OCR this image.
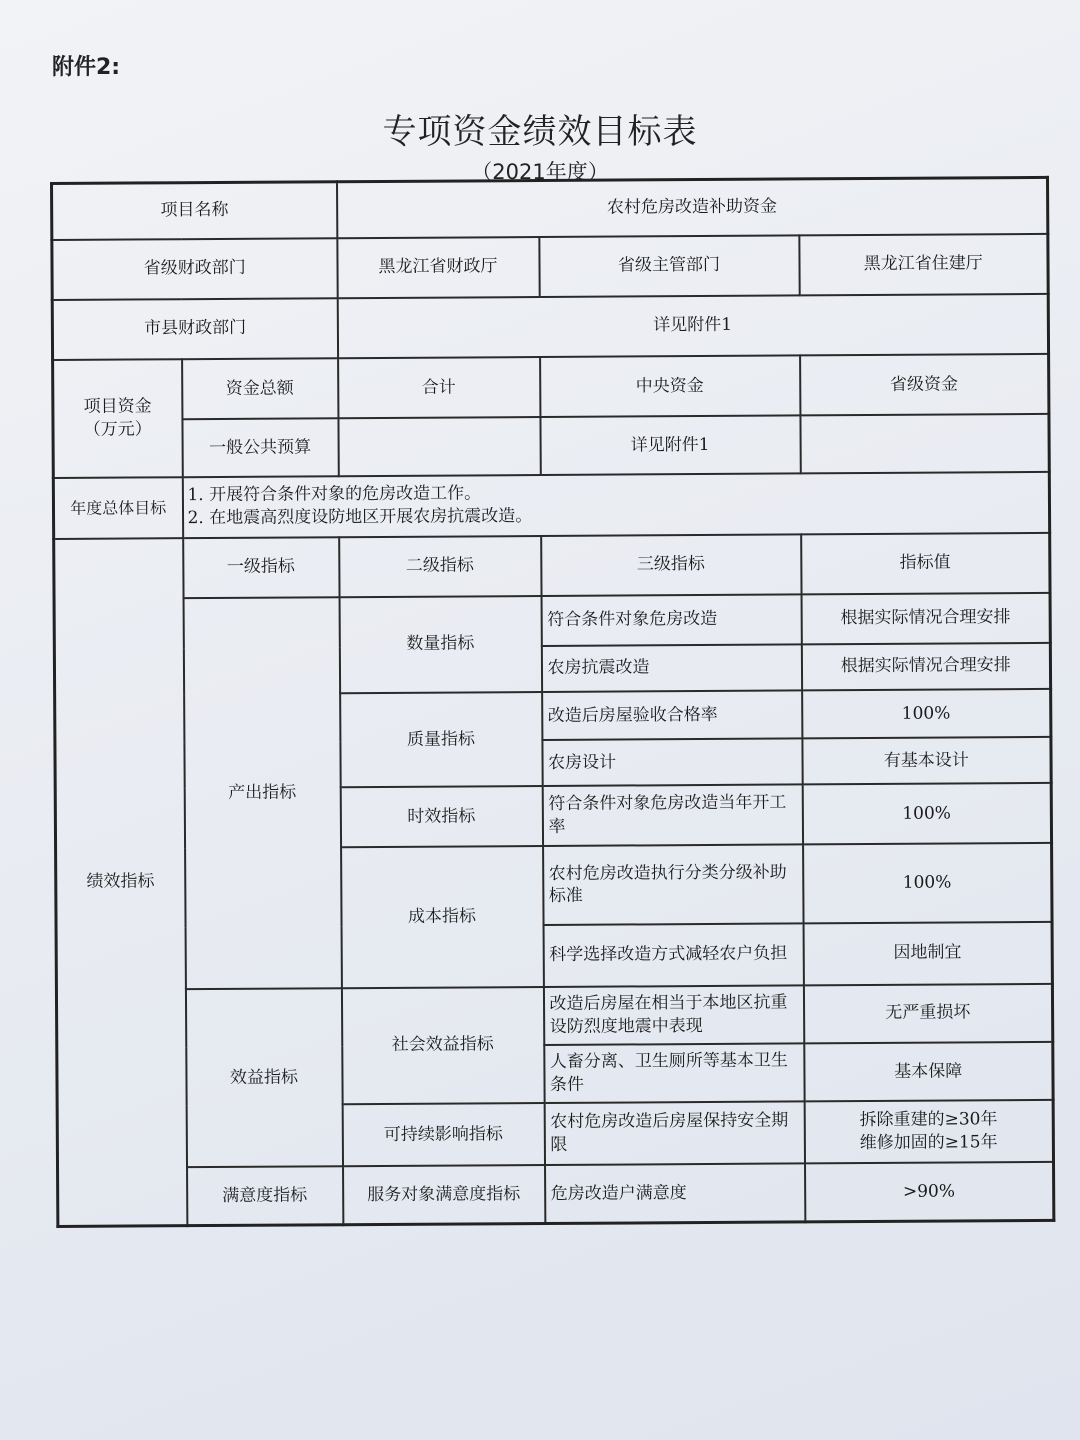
附件2:
专项资金绩效目标表
（2021年度）
项目名称		农村危房改造补助资金		
省级财政部门		黑龙江省财政厅	省级主管部门	黑龙江省住建厅
市县财政部门		详见附件1		
项目资金
（万元）	资金总额	合计	中央资金	省级资金
	一般公共预算		详见附件1	
年度总体目标	1. 开展符合条件对象的危房改造工作。
2. 在地震高烈度设防地区开展农房抗震改造。			

绩效指标	一级指标	二级指标	三级指标	指标值
	产出指标	数量指标	符合条件对象危房改造	根据实际情况合理安排
			农房抗震改造	根据实际情况合理安排
		质量指标	改造后房屋验收合格率	100%
			农房设计	有基本设计
		时效指标	符合条件对象危房改造当年开工率	100%
		成本指标	农村危房改造执行分类分级补助标准	100%
			科学选择改造方式减轻农户负担	因地制宜
	效益指标	社会效益指标	改造后房屋在相当于本地区抗重设防烈度地震中表现	无严重损坏
			人畜分离、卫生厕所等基本卫生条件	基本保障
		可持续影响指标	农村危房改造后房屋保持安全期限	拆除重建的≥30年
维修加固的≥15年
	满意度指标	服务对象满意度指标	危房改造户满意度	>90%
